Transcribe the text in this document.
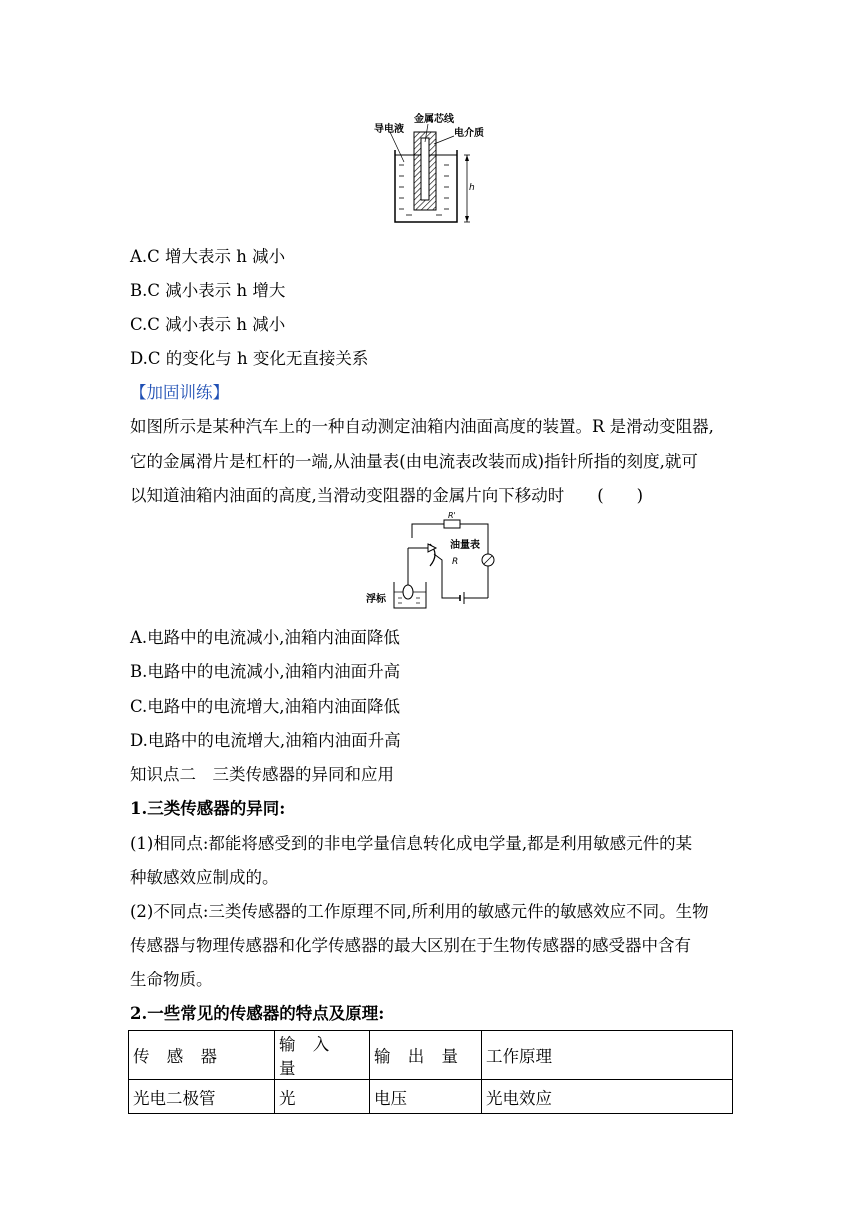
h
导电液
金属芯线
电介质
A.C 增大表示 h 减小
B.C 减小表示 h 增大
C.C 减小表示 h 减小
D.C 的变化与 h 变化无直接关系
【加固训练】
如图所示是某种汽车上的一种自动测定油箱内油面高度的装置。R 是滑动变阻器,
它的金属滑片是杠杆的一端,从油量表(由电流表改装而成)指针所指的刻度,就可
以知道油箱内油面的高度,当滑动变阻器的金属片向下移动时　　(　　)
R'
油量表
R
浮标
A.电路中的电流减小,油箱内油面降低
B.电路中的电流减小,油箱内油面升高
C.电路中的电流增大,油箱内油面降低
D.电路中的电流增大,油箱内油面升高
知识点二　三类传感器的异同和应用
1.三类传感器的异同:
(1)相同点:都能将感受到的非电学量信息转化成电学量,都是利用敏感元件的某
种敏感效应制成的。
(2)不同点:三类传感器的工作原理不同,所利用的敏感元件的敏感效应不同。生物
传感器与物理传感器和化学传感器的最大区别在于生物传感器的感受器中含有
生命物质。
2.一些常见的传感器的特点及原理:
传 感 器	输 入 量	输 出 量	工作原理
光电二极管	光	电压	光电效应
